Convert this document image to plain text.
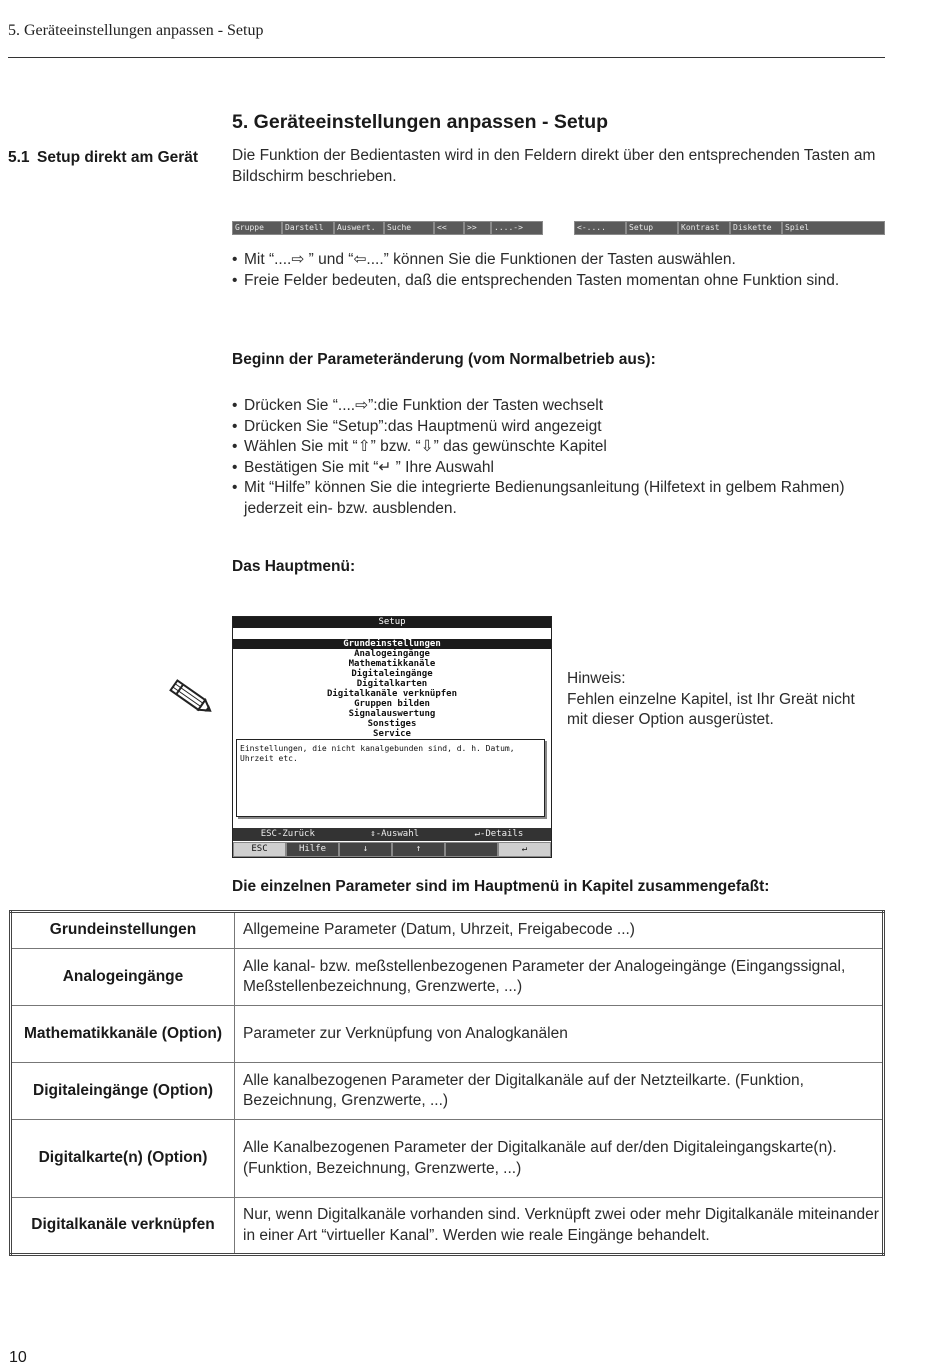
5. Geräteeinstellungen anpassen - Setup
5. Geräteeinstellungen anpassen - Setup
5.1 Setup direkt am Gerät	Die Funktion der Bedientasten wird in den Feldern direkt über den entsprechenden Tasten am Bildschirm beschrieben.
Gruppe	Darstell	Auswert.	Suche	<<	>>	....->	<-....	Setup	Kontrast	Diskette	Spiel
• Mit “....⇨ ” und “⇦....” können Sie die Funktionen der Tasten auswählen.
• Freie Felder bedeuten, daß die entsprechenden Tasten momentan ohne Funktion sind.
Beginn der Parameteränderung (vom Normalbetrieb aus):
• Drücken Sie “....⇨”:die Funktion der Tasten wechselt
• Drücken Sie “Setup”:das Hauptmenü wird angezeigt
• Wählen Sie mit “⇧” bzw. “⇩” das gewünschte Kapitel
• Bestätigen Sie mit “↵ ” Ihre Auswahl
• Mit “Hilfe” können Sie die integrierte Bedienungsanleitung (Hilfetext in gelbem Rahmen) jederzeit ein- bzw. ausblenden.
Das Hauptmenü:
Setup
Grundeinstellungen
Analogeingänge
Mathematikkanäle
Digitaleingänge
Digitalkarten
Digitalkanäle verknüpfen
Gruppen bilden
Signalauswertung
Sonstiges
Service
Einstellungen, die nicht kanalgebunden sind, d. h. Datum, Uhrzeit etc.
ESC-Zurück	⇕-Auswahl	↵-Details
ESC	Hilfe	↓	↑	↵
Hinweis:
Fehlen einzelne Kapitel, ist Ihr Greät nicht mit dieser Option ausgerüstet.
Die einzelnen Parameter sind im Hauptmenü in Kapitel zusammengefaßt:
Grundeinstellungen	Allgemeine Parameter (Datum, Uhrzeit, Freigabecode ...)
Analogeingänge	Alle kanal- bzw. meßstellenbezogenen Parameter der Analogeingänge (Eingangssignal, Meßstellenbezeichnung, Grenzwerte, ...)
Mathematikkanäle (Option)	Parameter zur Verknüpfung von Analogkanälen
Digitaleingänge (Option)	Alle kanalbezogenen Parameter der Digitalkanäle auf der Netzteilkarte. (Funktion, Bezeichnung, Grenzwerte, ...)
Digitalkarte(n) (Option)	Alle Kanalbezogenen Parameter der Digitalkanäle auf der/den Digitaleingangskarte(n). (Funktion, Bezeichnung, Grenzwerte, ...)
Digitalkanäle verknüpfen	Nur, wenn Digitalkanäle vorhanden sind. Verknüpft zwei oder mehr Digitalkanäle miteinander in einer Art “virtueller Kanal”. Werden wie reale Eingänge behandelt.
10
